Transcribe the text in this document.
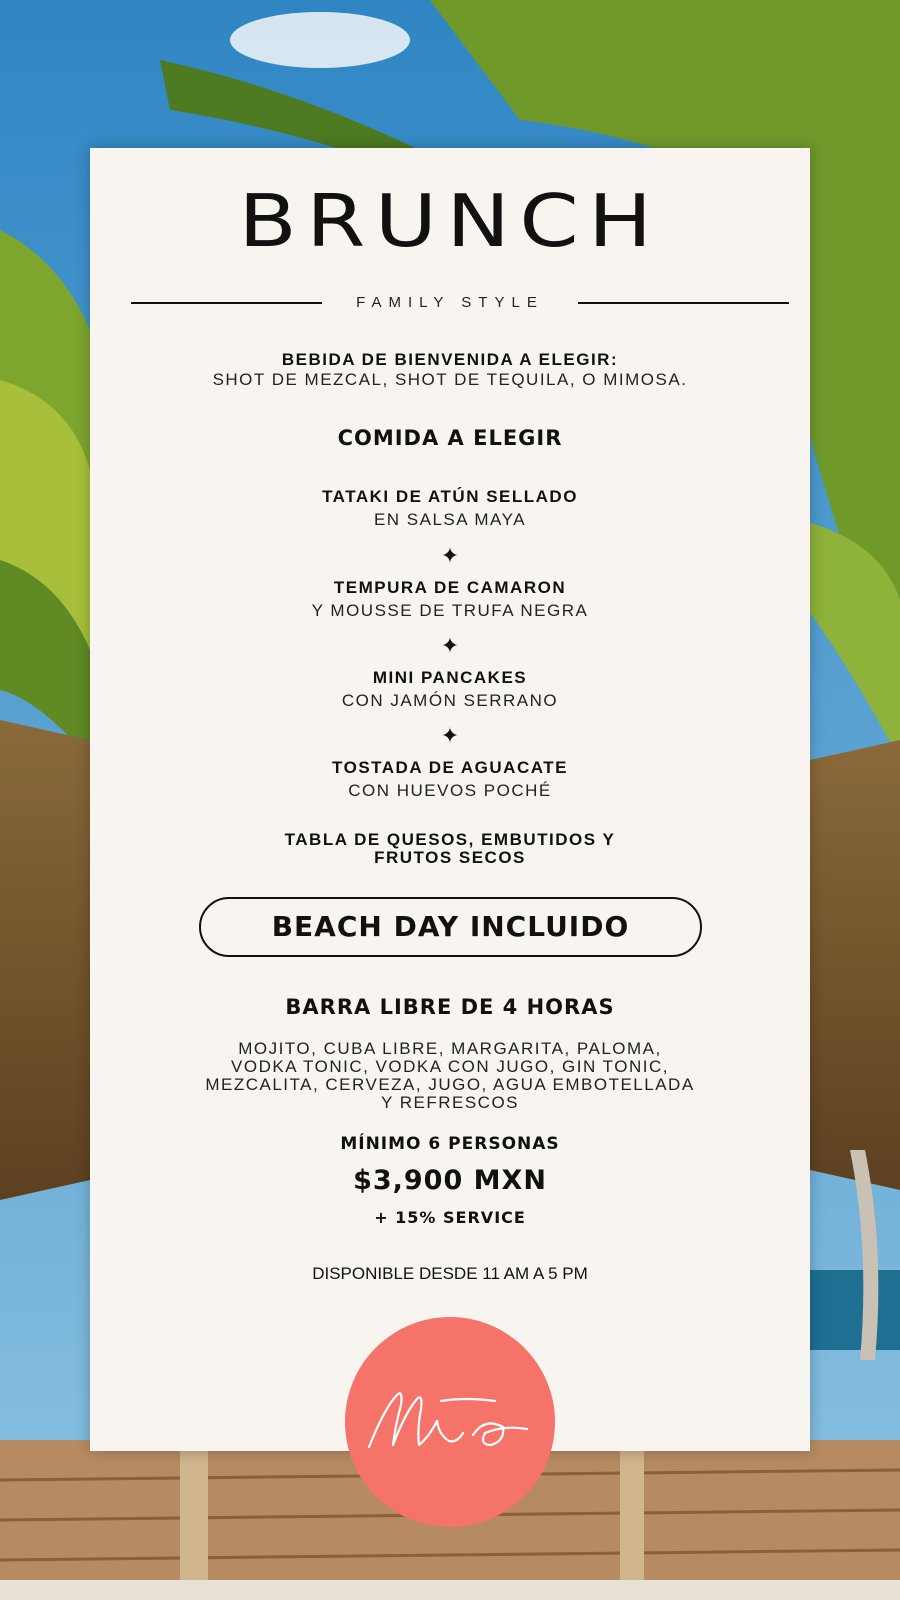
BRUNCH
FAMILY STYLE
BEBIDA DE BIENVENIDA A ELEGIR:
SHOT DE MEZCAL, SHOT DE TEQUILA, O MIMOSA.
COMIDA A ELEGIR
TATAKI DE ATÚN SELLADO
EN SALSA MAYA
✦
TEMPURA DE CAMARON
Y MOUSSE DE TRUFA NEGRA
✦
MINI PANCAKES
CON JAMÓN SERRANO
✦
TOSTADA DE AGUACATE
CON HUEVOS POCHÉ
TABLA DE QUESOS, EMBUTIDOS Y
FRUTOS SECOS
BEACH DAY INCLUIDO
BARRA LIBRE DE 4 HORAS
MOJITO, CUBA LIBRE, MARGARITA, PALOMA,
VODKA TONIC, VODKA CON JUGO, GIN TONIC,
MEZCALITA, CERVEZA, JUGO, AGUA EMBOTELLADA
Y REFRESCOS
MÍNIMO 6 PERSONAS
$3,900 MXN
+ 15% SERVICE
DISPONIBLE DESDE 11 AM A 5 PM
Mía
